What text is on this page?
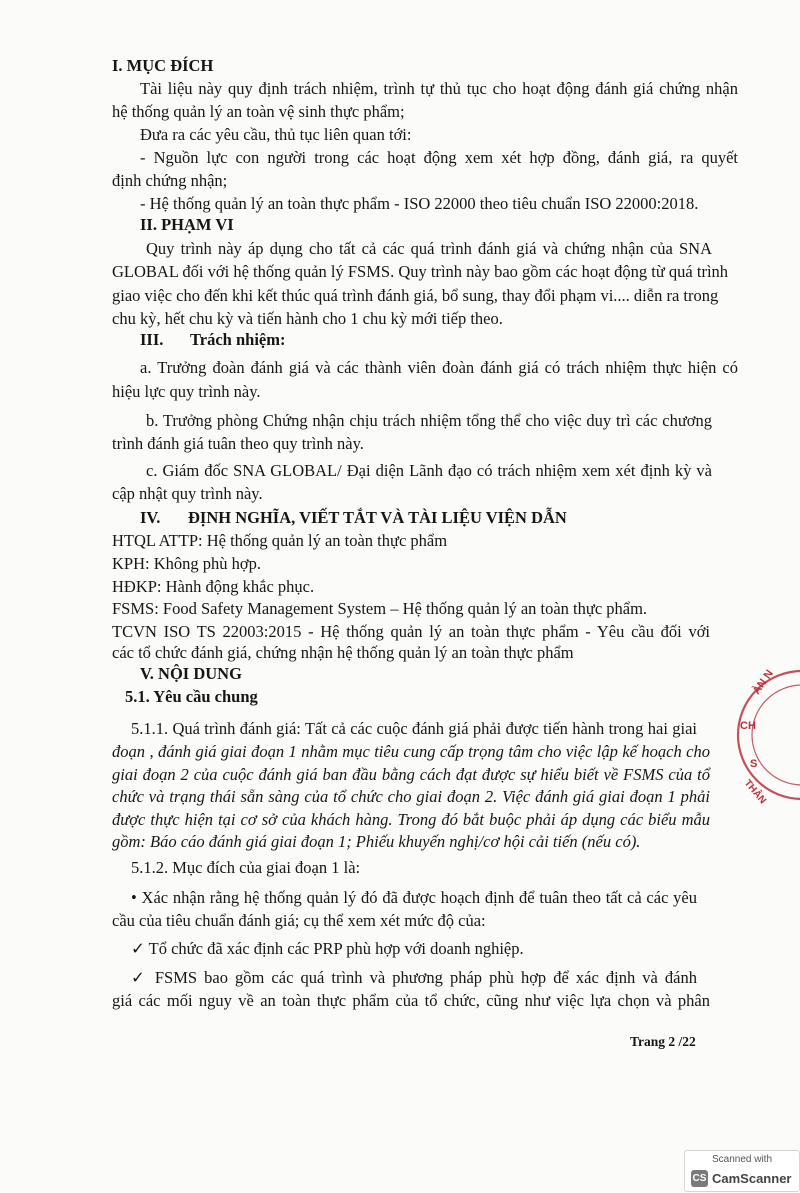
I. MỤC ĐÍCH

Tài liệu này quy định trách nhiệm, trình tự thủ tục cho hoạt động đánh giá chứng nhận

hệ thống quản lý an toàn vệ sinh thực phẩm;

Đưa ra các yêu cầu, thủ tục liên quan tới:

- Nguồn lực con người trong các hoạt động xem xét hợp đồng, đánh giá, ra quyết

định chứng nhận;

- Hệ thống quản lý an toàn thực phẩm - ISO 22000 theo tiêu chuẩn ISO 22000:2018.

II. PHẠM VI

Quy trình này áp dụng cho tất cả các quá trình đánh giá và chứng nhận của SNA

GLOBAL đối với hệ thống quản lý FSMS. Quy trình này bao gồm các hoạt động từ quá trình

giao việc cho đến khi kết thúc quá trình đánh giá, bổ sung, thay đổi phạm vi.... diễn ra trong

chu kỳ, hết chu kỳ và tiến hành cho 1 chu kỳ mới tiếp theo.

III. Trách nhiệm:

a. Trưởng đoàn đánh giá và các thành viên đoàn đánh giá có trách nhiệm thực hiện có

hiệu lực quy trình này.

b. Trưởng phòng Chứng nhận chịu trách nhiệm tổng thể cho việc duy trì các chương

trình đánh giá tuân theo quy trình này.

c. Giám đốc SNA GLOBAL/ Đại diện Lãnh đạo có trách nhiệm xem xét định kỳ và

cập nhật quy trình này.

IV. ĐỊNH NGHĨA, VIẾT TẮT VÀ TÀI LIỆU VIỆN DẪN

HTQL ATTP: Hệ thống quản lý an toàn thực phẩm

KPH: Không phù hợp.

HĐKP: Hành động khắc phục.

FSMS: Food Safety Management System – Hệ thống quản lý an toàn thực phẩm.

TCVN ISO TS 22003:2015 - Hệ thống quản lý an toàn thực phẩm - Yêu cầu đối với

các tổ chức đánh giá, chứng nhận hệ thống quản lý an toàn thực phẩm

V. NỘI DUNG

5.1. Yêu cầu chung

5.1.1. Quá trình đánh giá: Tất cả các cuộc đánh giá phải được tiến hành trong hai giai

đoạn , đánh giá giai đoạn 1 nhằm mục tiêu cung cấp trọng tâm cho việc lập kế hoạch cho

giai đoạn 2 của cuộc đánh giá ban đầu bằng cách đạt được sự hiểu biết về FSMS của tổ

chức và trạng thái sẵn sàng của tổ chức cho giai đoạn 2. Việc đánh giá giai đoạn 1 phải

được thực hiện tại cơ sở của khách hàng. Trong đó bắt buộc phải áp dụng các biểu mẫu

gồm: Báo cáo đánh giá giai đoạn 1; Phiếu khuyến nghị/cơ hội cải tiến (nếu có).

5.1.2. Mục đích của giai đoạn 1 là:

• Xác nhận rằng hệ thống quản lý đó đã được hoạch định để tuân theo tất cả các yêu

cầu của tiêu chuẩn đánh giá; cụ thể xem xét mức độ của:

✓ Tổ chức đã xác định các PRP phù hợp với doanh nghiệp.

✓ FSMS bao gồm các quá trình và phương pháp phù hợp để xác định và đánh

giá các mối nguy về an toàn thực phẩm của tổ chức, cũng như việc lựa chọn và phân

Trang 2 /22
ÀN N
CH
S
THÂN
Scanned with
CS CamScanner
